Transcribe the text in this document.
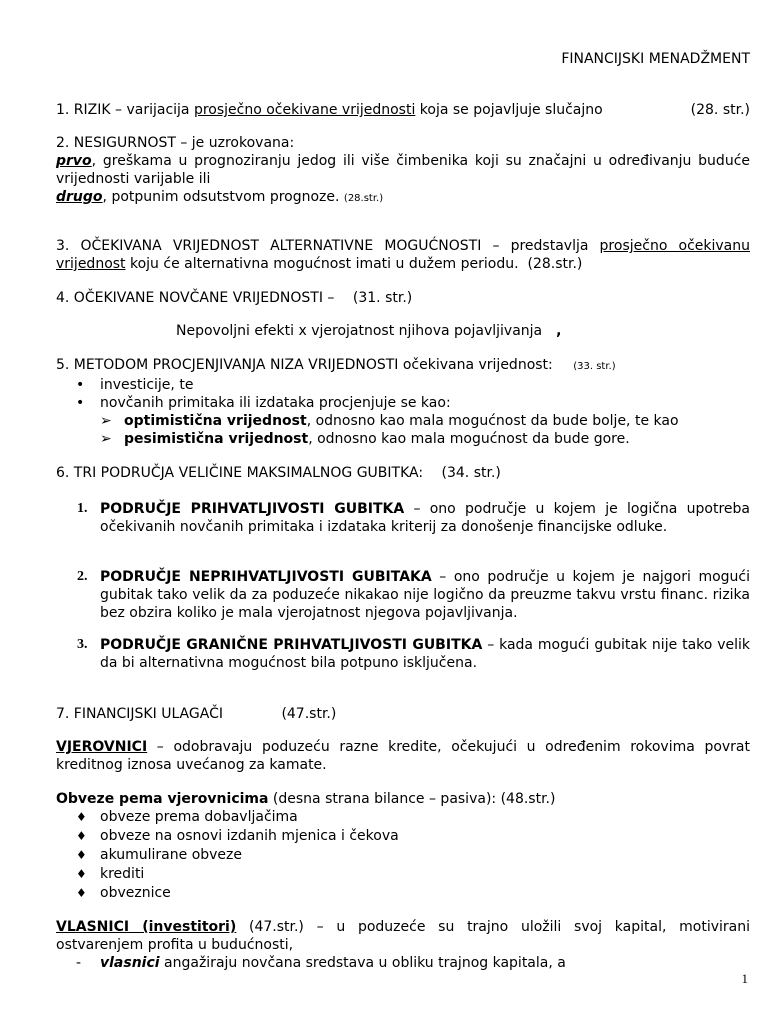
FINANCIJSKI MENADŽMENT
1. RIZIK – varijacija prosječno očekivane vrijednosti koja se pojavljuje slučajno	(28. str.)
2. NESIGURNOST – je uzrokovana:
prvo, greškama u prognoziranju jedog ili više čimbenika koji su značajni u određivanju buduće vrijednosti varijable ili
drugo, potpunim odsutstvom prognoze. (28.str.)
3. OČEKIVANA VRIJEDNOST ALTERNATIVNE MOGUĆNOSTI – predstavlja prosječno očekivanu vrijednost koju će alternativna mogućnost imati u dužem periodu. (28.str.)
4. OČEKIVANE NOVČANE VRIJEDNOSTI – (31. str.)
Nepovoljni efekti x vjerojatnost njihova pojavljivanja ,
5. METODOM PROCJENJIVANJA NIZA VRIJEDNOSTI očekivana vrijednost: (33. str.)
•	investicije, te
•	novčanih primitaka ili izdataka procjenjuje se kao:
➢ optimistična vrijednost, odnosno kao mala mogućnost da bude bolje, te kao
➢ pesimistična vrijednost, odnosno kao mala mogućnost da bude gore.
6. TRI PODRUČJA VELIČINE MAKSIMALNOG GUBITKA: (34. str.)
1. PODRUČJE PRIHVATLJIVOSTI GUBITKA – ono područje u kojem je logična upotreba očekivanih novčanih primitaka i izdataka kriterij za donošenje financijske odluke.
2. PODRUČJE NEPRIHVATLJIVOSTI GUBITAKA – ono područje u kojem je najgori mogući gubitak tako velik da za poduzeće nikakao nije logično da preuzme takvu vrstu financ. rizika bez obzira koliko je mala vjerojatnost njegova pojavljivanja.
3. PODRUČJE GRANIČNE PRIHVATLJIVOSTI GUBITKA – kada mogući gubitak nije tako velik da bi alternativna mogućnost bila potpuno isključena.
7. FINANCIJSKI ULAGAČI	(47.str.)
VJEROVNICI – odobravaju poduzeću razne kredite, očekujući u određenim rokovima povrat kreditnog iznosa uvećanog za kamate.
Obveze pema vjerovnicima (desna strana bilance – pasiva): (48.str.)
♦ obveze prema dobavljačima
♦ obveze na osnovi izdanih mjenica i čekova
♦ akumulirane obveze
♦ krediti
♦ obveznice
VLASNICI (investitori) (47.str.) – u poduzeće su trajno uložili svoj kapital, motivirani ostvarenjem profita u budućnosti,
- vlasnici angažiraju novčana sredstava u obliku trajnog kapitala, a
1
